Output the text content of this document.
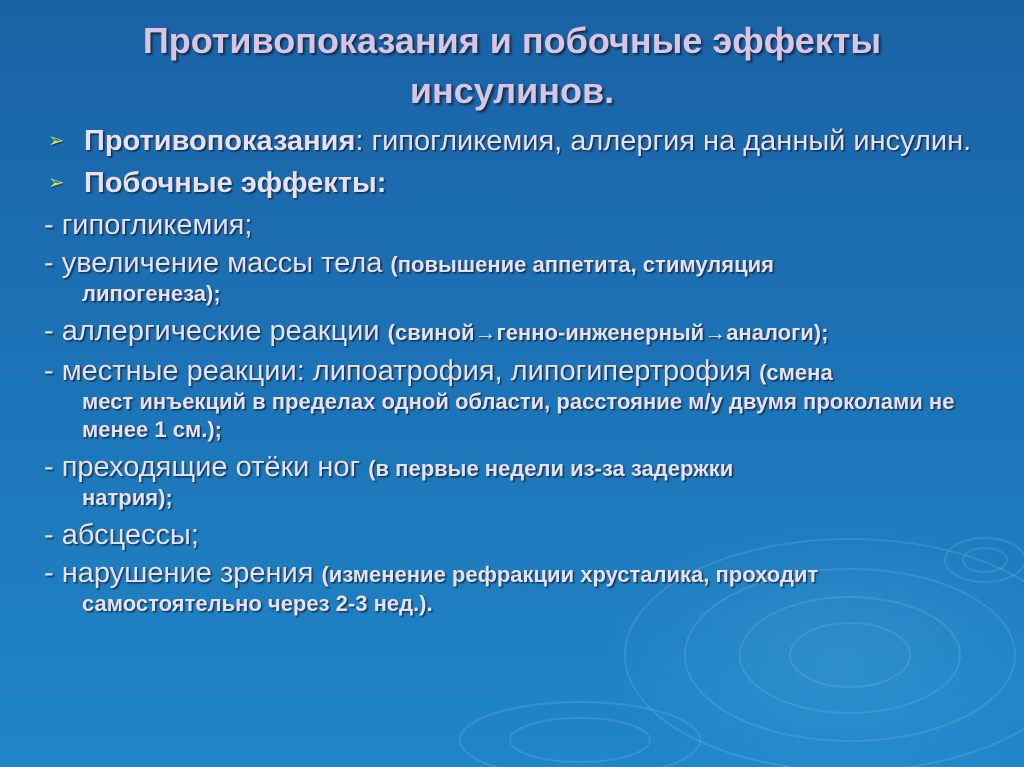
Противопоказания и побочные эффекты
инсулинов.
➢ Противопоказания: гипогликемия, аллергия на данный инсулин.
➢ Побочные эффекты:
- гипогликемия;
- увеличение массы тела (повышение аппетита, стимуляция
липогенеза);
- аллергические реакции (свиной→генно-инженерный→аналоги);
- местные реакции: липоатрофия, липогипертрофия (смена
мест инъекций в пределах одной области, расстояние м/у двумя проколами не менее 1 см.);
- преходящие отёки ног (в первые недели из-за задержки
натрия);
- абсцессы;
- нарушение зрения (изменение рефракции хрусталика, проходит
самостоятельно через 2-3 нед.).
